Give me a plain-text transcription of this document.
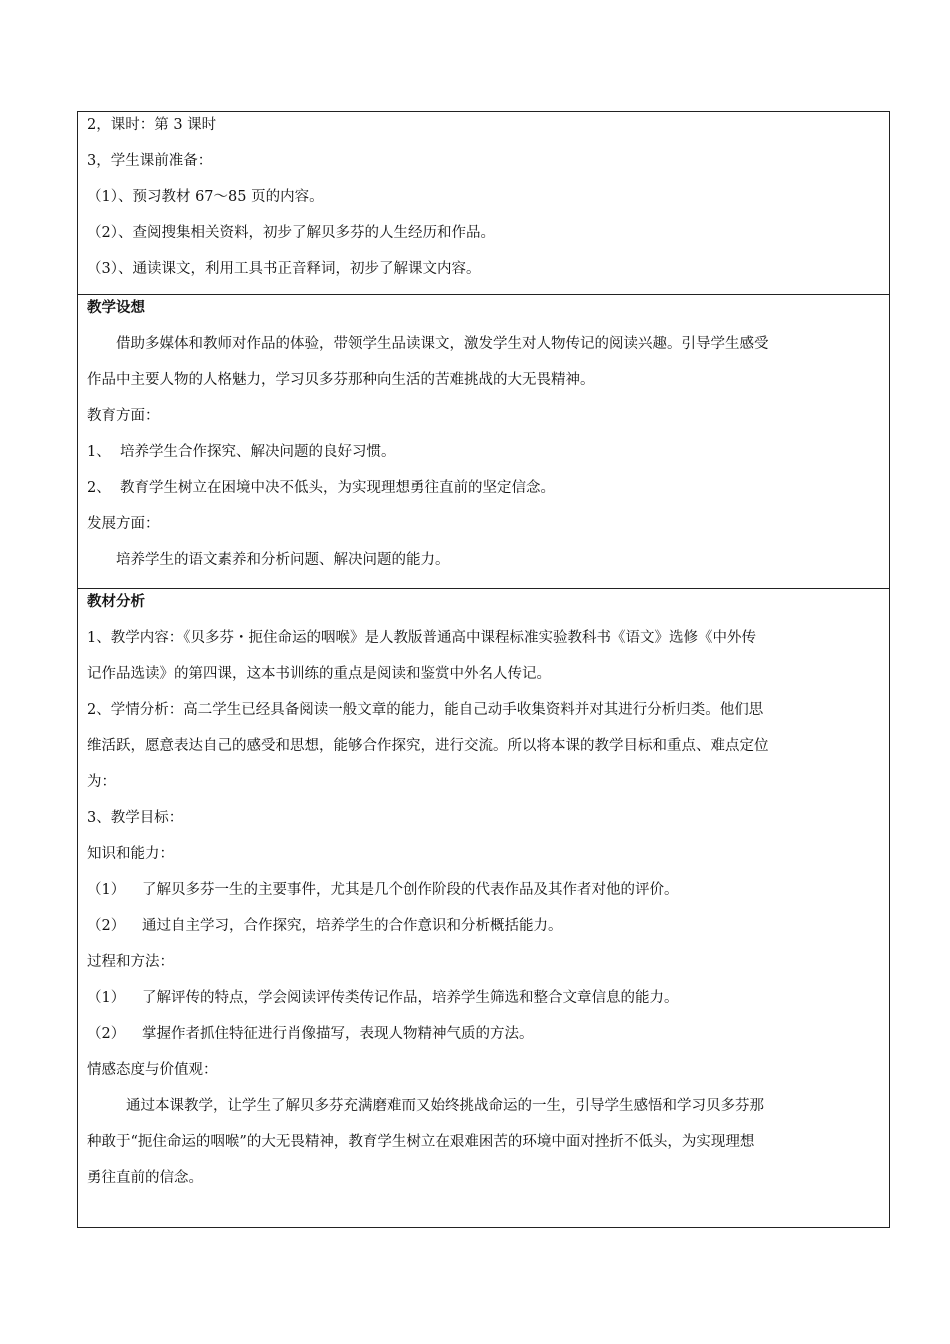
2，课时：第 3 课时
3，学生课前准备：
（1）、预习教材 67～85 页的内容。
（2）、查阅搜集相关资料，初步了解贝多芬的人生经历和作品。
（3）、通读课文，利用工具书正音释词，初步了解课文内容。
教学设想
借助多媒体和教师对作品的体验，带领学生品读课文，激发学生对人物传记的阅读兴趣。引导学生感受
作品中主要人物的人格魅力，学习贝多芬那种向生活的苦难挑战的大无畏精神。
教育方面：
1、 培养学生合作探究、解决问题的良好习惯。
2、 教育学生树立在困境中决不低头，为实现理想勇往直前的坚定信念。
发展方面：
培养学生的语文素养和分析问题、解决问题的能力。
教材分析
1、教学内容：《贝多芬・扼住命运的咽喉》是人教版普通高中课程标准实验教科书《语文》选修《中外传
记作品选读》的第四课，这本书训练的重点是阅读和鉴赏中外名人传记。
2、学情分析：高二学生已经具备阅读一般文章的能力，能自己动手收集资料并对其进行分析归类。他们思
维活跃，愿意表达自己的感受和思想，能够合作探究，进行交流。所以将本课的教学目标和重点、难点定位
为：
3、教学目标：
知识和能力：
（1） 了解贝多芬一生的主要事件，尤其是几个创作阶段的代表作品及其作者对他的评价。
（2） 通过自主学习，合作探究，培养学生的合作意识和分析概括能力。
过程和方法：
（1） 了解评传的特点，学会阅读评传类传记作品，培养学生筛选和整合文章信息的能力。
（2） 掌握作者抓住特征进行肖像描写，表现人物精神气质的方法。
情感态度与价值观：
通过本课教学，让学生了解贝多芬充满磨难而又始终挑战命运的一生，引导学生感悟和学习贝多芬那
种敢于“扼住命运的咽喉”的大无畏精神，教育学生树立在艰难困苦的环境中面对挫折不低头，为实现理想
勇往直前的信念。
